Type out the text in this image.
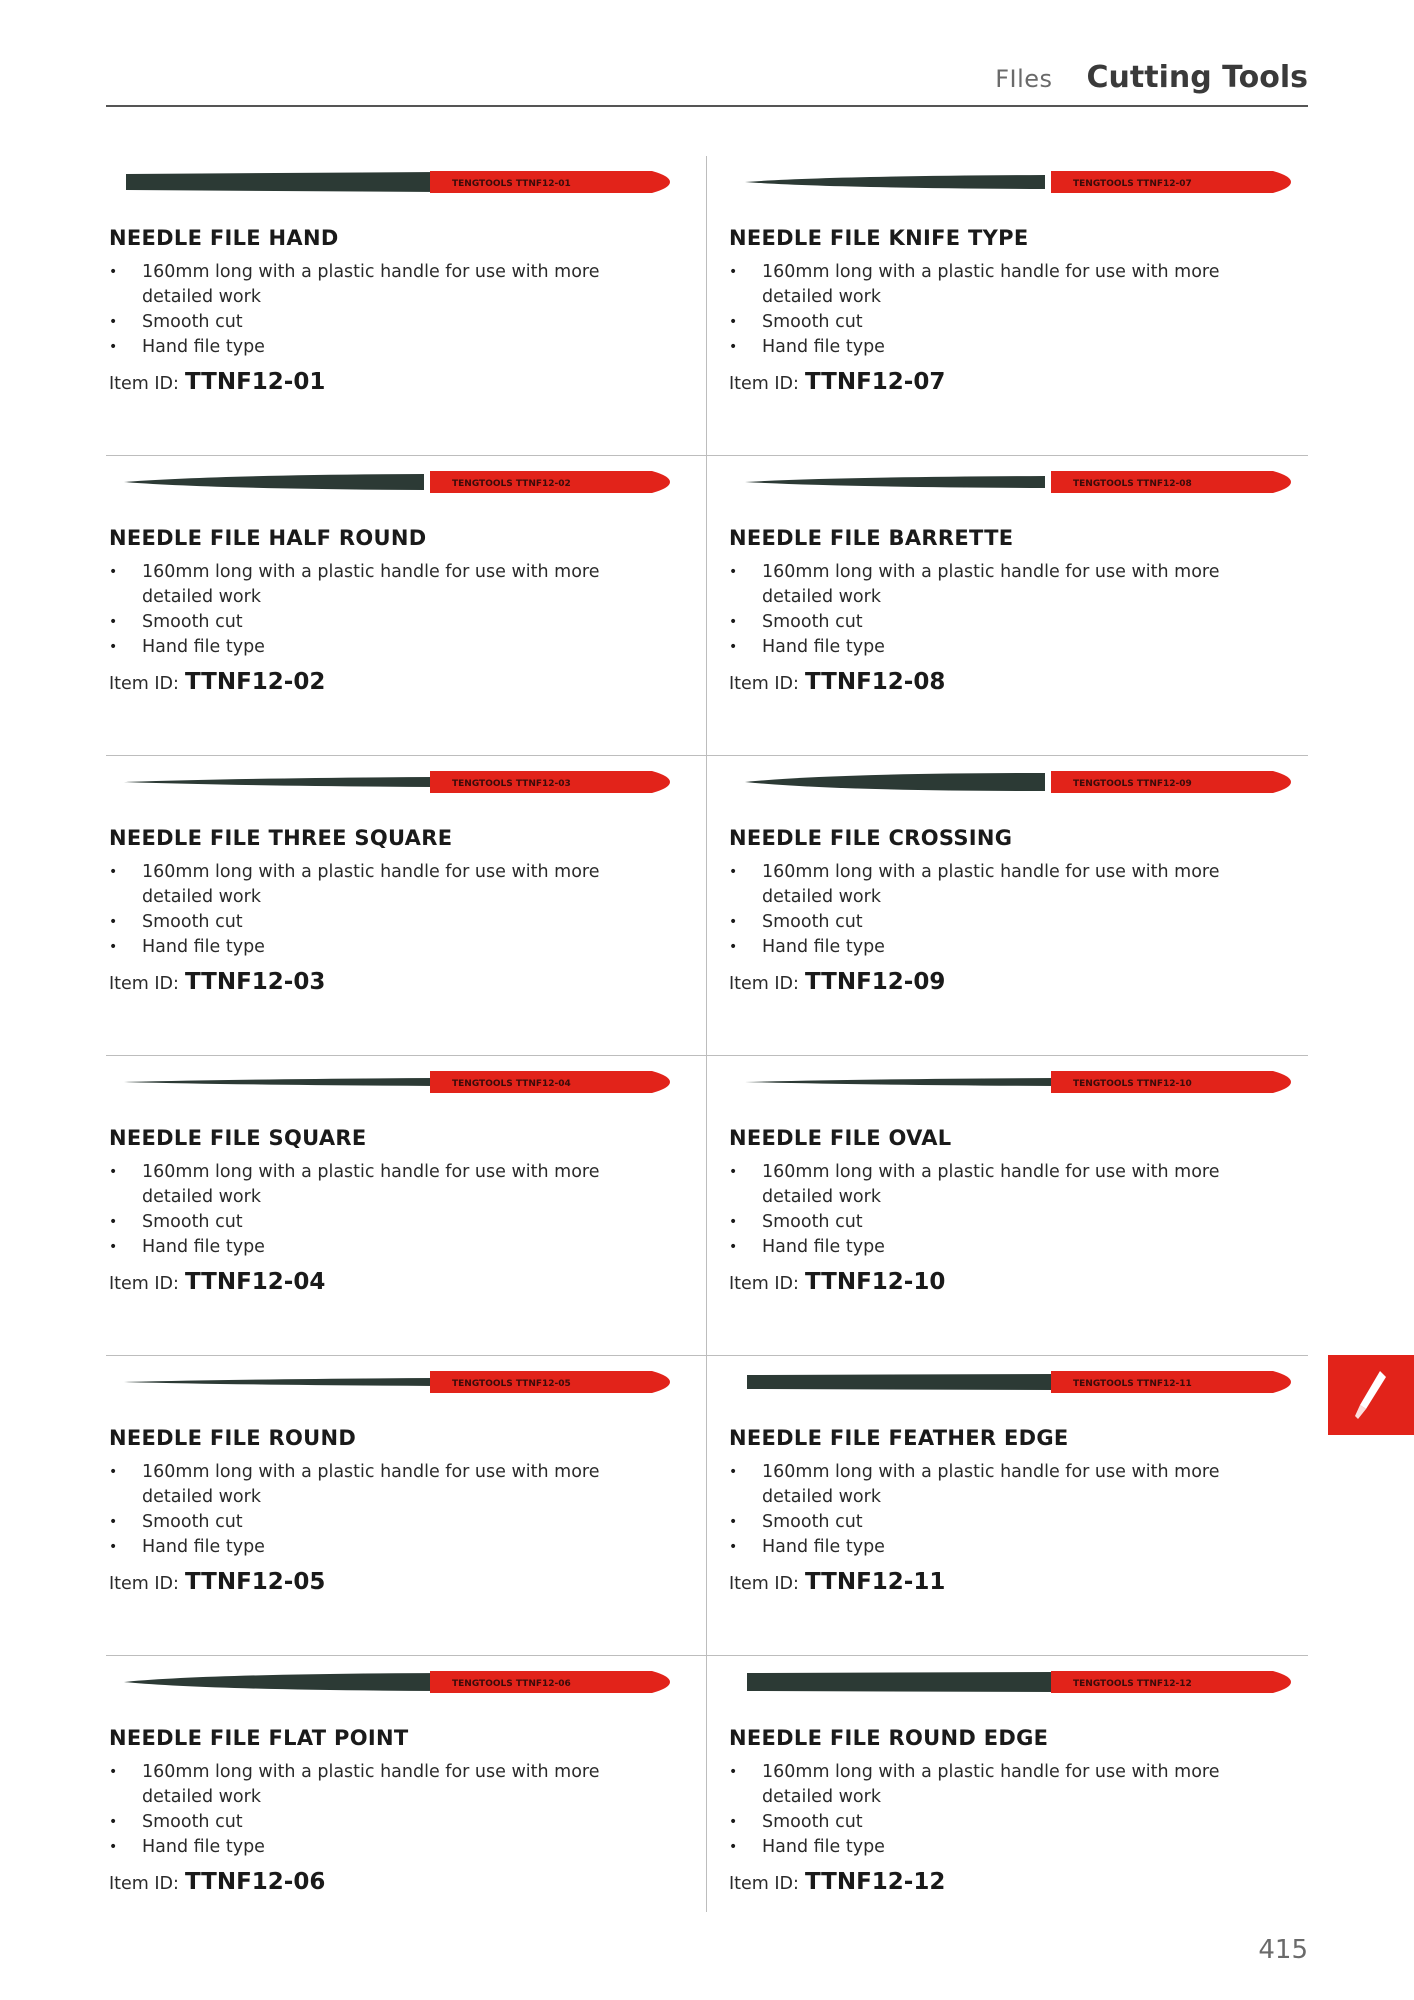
FIles Cutting Tools
TENGTOOLS TTNF12-01
NEEDLE FILE HAND
• 160mm long with a plastic handle for use with more detailed work
• Smooth cut
• Hand file type
Item ID: TTNF12-01
TENGTOOLS TTNF12-07
NEEDLE FILE KNIFE TYPE
• 160mm long with a plastic handle for use with more detailed work
• Smooth cut
• Hand file type
Item ID: TTNF12-07
TENGTOOLS TTNF12-02
NEEDLE FILE HALF ROUND
• 160mm long with a plastic handle for use with more detailed work
• Smooth cut
• Hand file type
Item ID: TTNF12-02
TENGTOOLS TTNF12-08
NEEDLE FILE BARRETTE
• 160mm long with a plastic handle for use with more detailed work
• Smooth cut
• Hand file type
Item ID: TTNF12-08
TENGTOOLS TTNF12-03
NEEDLE FILE THREE SQUARE
• 160mm long with a plastic handle for use with more detailed work
• Smooth cut
• Hand file type
Item ID: TTNF12-03
TENGTOOLS TTNF12-09
NEEDLE FILE CROSSING
• 160mm long with a plastic handle for use with more detailed work
• Smooth cut
• Hand file type
Item ID: TTNF12-09
TENGTOOLS TTNF12-04
NEEDLE FILE SQUARE
• 160mm long with a plastic handle for use with more detailed work
• Smooth cut
• Hand file type
Item ID: TTNF12-04
TENGTOOLS TTNF12-10
NEEDLE FILE OVAL
• 160mm long with a plastic handle for use with more detailed work
• Smooth cut
• Hand file type
Item ID: TTNF12-10
TENGTOOLS TTNF12-05
NEEDLE FILE ROUND
• 160mm long with a plastic handle for use with more detailed work
• Smooth cut
• Hand file type
Item ID: TTNF12-05
TENGTOOLS TTNF12-11
NEEDLE FILE FEATHER EDGE
• 160mm long with a plastic handle for use with more detailed work
• Smooth cut
• Hand file type
Item ID: TTNF12-11
TENGTOOLS TTNF12-06
NEEDLE FILE FLAT POINT
• 160mm long with a plastic handle for use with more detailed work
• Smooth cut
• Hand file type
Item ID: TTNF12-06
TENGTOOLS TTNF12-12
NEEDLE FILE ROUND EDGE
• 160mm long with a plastic handle for use with more detailed work
• Smooth cut
• Hand file type
Item ID: TTNF12-12
415
